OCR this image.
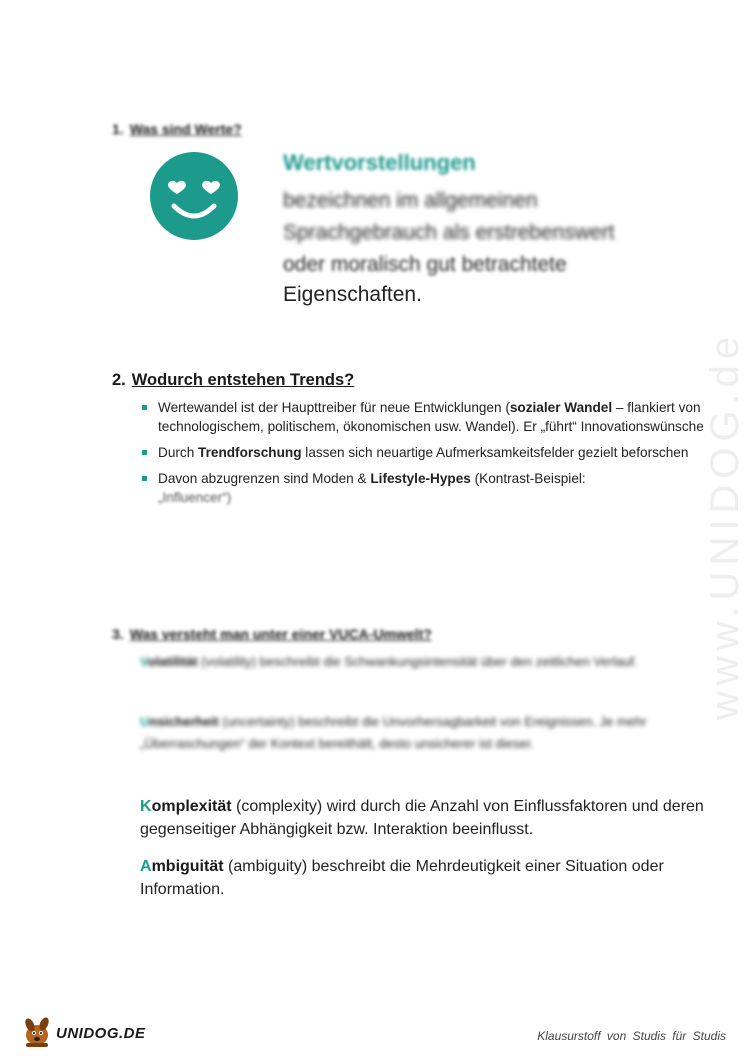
www.UNIDOG.de
1. Was sind Werte?
Wertvorstellungen
bezeichnen im allgemeinen
Sprachgebrauch als erstrebenswert
oder moralisch gut betrachtete
Eigenschaften.
2. Wodurch entstehen Trends?
Wertewandel ist der Haupttreiber für neue Entwicklungen (sozialer Wandel – flankiert von technologischem, politischem, ökonomischen usw. Wandel). Er „führt“ Innovationswünsche
Durch Trendforschung lassen sich neuartige Aufmerksamkeitsfelder gezielt beforschen
Davon abzugrenzen sind Moden & Lifestyle-Hypes (Kontrast-Beispiel:
„Influencer“)
3. Was versteht man unter einer VUCA-Umwelt?
Volatilität (volatility) beschreibt die Schwankungsintensität über den zeitlichen Verlauf.
Unsicherheit (uncertainty) beschreibt die Unvorhersagbarkeit von Ereignissen. Je mehr „Überraschungen“ der Kontext bereithält, desto unsicherer ist dieser.
Komplexität (complexity) wird durch die Anzahl von Einflussfaktoren und deren gegenseitiger Abhängigkeit bzw. Interaktion beeinflusst.
Ambiguität (ambiguity) beschreibt die Mehrdeutigkeit einer Situation oder Information.
UNIDOG.DE	Klausurstoff von Studis für Studis
